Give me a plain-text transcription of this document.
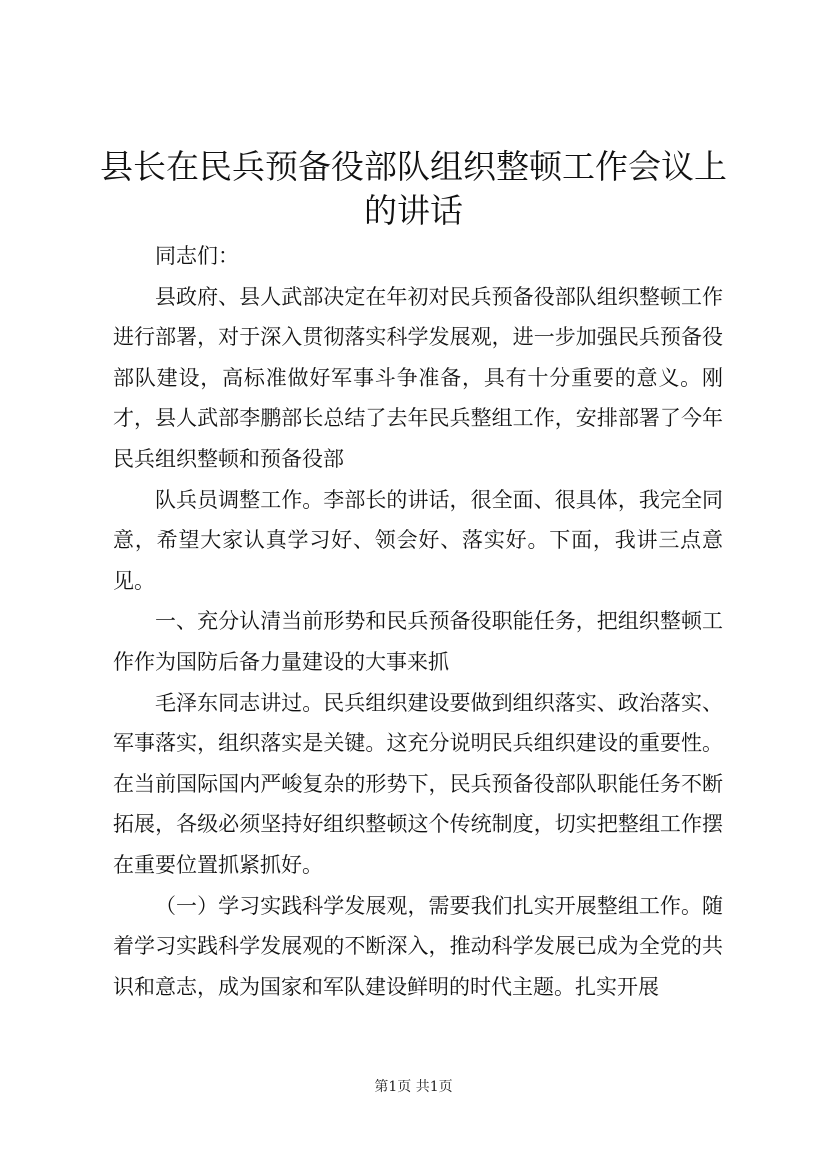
县长在民兵预备役部队组织整顿工作会议上的讲话

同志们：

县政府、县人武部决定在年初对民兵预备役部队组织整顿工作进行部署，对于深入贯彻落实科学发展观，进一步加强民兵预备役部队建设，高标准做好军事斗争准备，具有十分重要的意义。刚才，县人武部李鹏部长总结了去年民兵整组工作，安排部署了今年民兵组织整顿和预备役部

队兵员调整工作。李部长的讲话，很全面、很具体，我完全同意，希望大家认真学习好、领会好、落实好。下面，我讲三点意见。

一、充分认清当前形势和民兵预备役职能任务，把组织整顿工作作为国防后备力量建设的大事来抓

毛泽东同志讲过。民兵组织建设要做到组织落实、政治落实、军事落实，组织落实是关键。这充分说明民兵组织建设的重要性。在当前国际国内严峻复杂的形势下，民兵预备役部队职能任务不断拓展，各级必须坚持好组织整顿这个传统制度，切实把整组工作摆在重要位置抓紧抓好。

（一）学习实践科学发展观，需要我们扎实开展整组工作。随着学习实践科学发展观的不断深入，推动科学发展已成为全党的共识和意志，成为国家和军队建设鲜明的时代主题。扎实开展

第1页 共1页
